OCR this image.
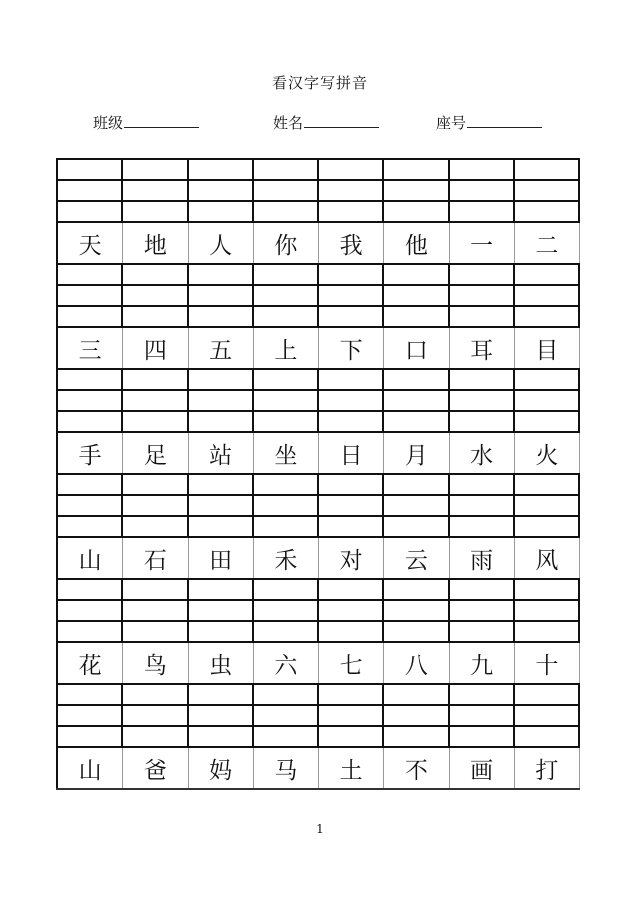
看汉字写拼音
班级	姓名	座号
天	地	人	你	我	他	一	二
三	四	五	上	下	口	耳	目
手	足	站	坐	日	月	水	火
山	石	田	禾	对	云	雨	风
花	鸟	虫	六	七	八	九	十
山	爸	妈	马	土	不	画	打
1
